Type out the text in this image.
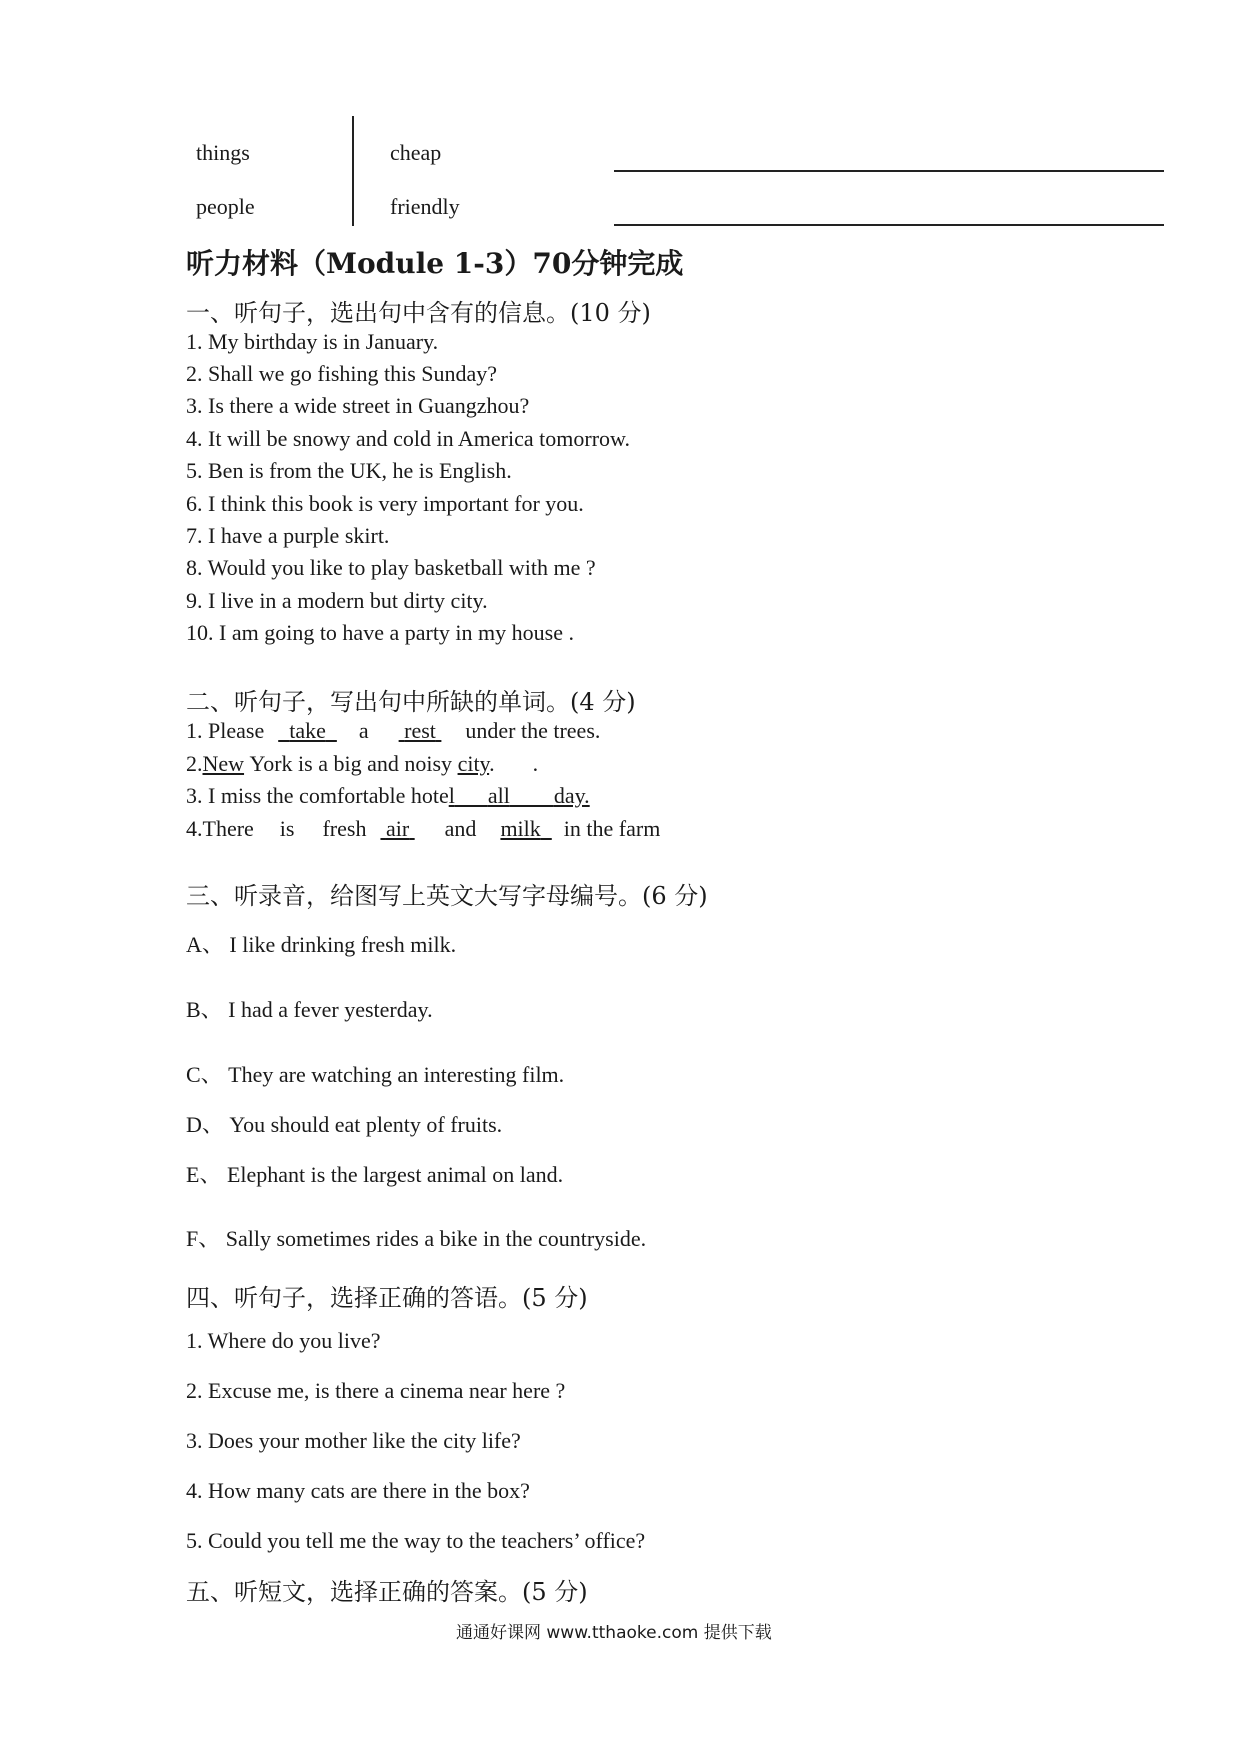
things	cheap
people	friendly
听力材料（Module 1-3）70分钟完成
一、听句子，选出句中含有的信息。(10 分)
1. My birthday is in January.
2. Shall we go fishing this Sunday?
3. Is there a wide street in Guangzhou?
4. It will be snowy and cold in America tomorrow.
5. Ben is from the UK, he is English.
6. I think this book is very important for you.
7. I have a purple skirt.
8. Would you like to play basketball with me ?
9. I live in a modern but dirty city.
10. I am going to have a party in my house .
二、听句子，写出句中所缺的单词。(4 分)
1. Please take a rest under the trees.
2.New York is a big and noisy city. .
3. I miss the comfortable hotel all day.
4.There is fresh air and milk in the farm
三、听录音，给图写上英文大写字母编号。(6 分)
A、 I like drinking fresh milk.
B、 I had a fever yesterday.
C、 They are watching an interesting film.
D、 You should eat plenty of fruits.
E、 Elephant is the largest animal on land.
F、 Sally sometimes rides a bike in the countryside.
四、听句子，选择正确的答语。(5 分)
1. Where do you live?
2. Excuse me, is there a cinema near here ?
3. Does your mother like the city life?
4. How many cats are there in the box?
5. Could you tell me the way to the teachers’ office?
五、听短文，选择正确的答案。(5 分)
通通好课网 www.tthaoke.com 提供下载
